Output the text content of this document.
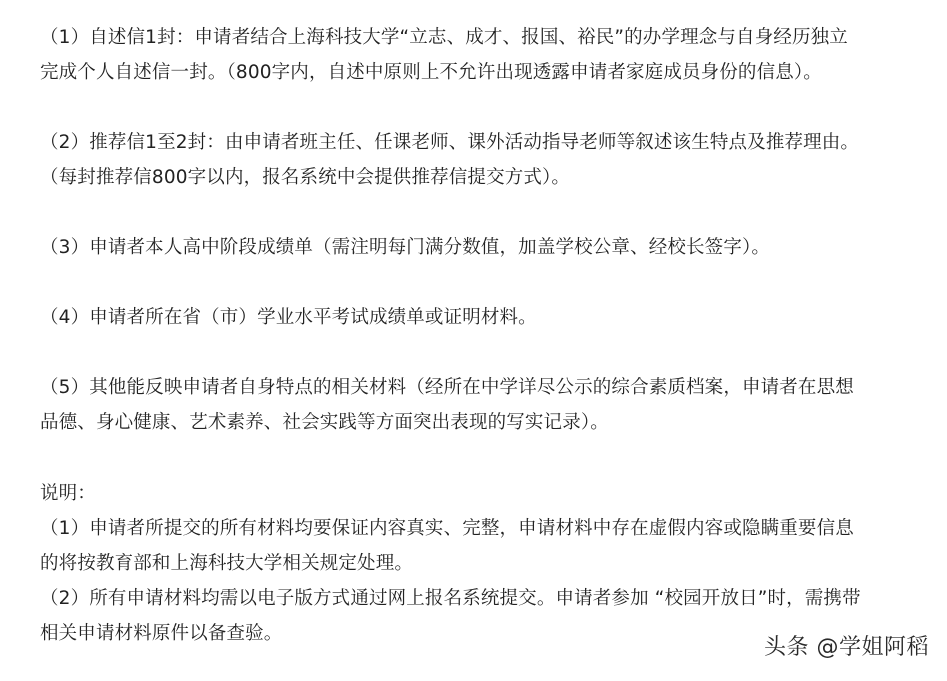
（1）自述信1封：申请者结合上海科技大学“立志、成才、报国、裕民”的办学理念与自身经历独立
完成个人自述信一封。（800字内，自述中原则上不允许出现透露申请者家庭成员身份的信息）。
（2）推荐信1至2封：由申请者班主任、任课老师、课外活动指导老师等叙述该生特点及推荐理由。
（每封推荐信800字以内，报名系统中会提供推荐信提交方式）。
（3）申请者本人高中阶段成绩单（需注明每门满分数值，加盖学校公章、经校长签字）。
（4）申请者所在省（市）学业水平考试成绩单或证明材料。
（5）其他能反映申请者自身特点的相关材料（经所在中学详尽公示的综合素质档案，申请者在思想
品德、身心健康、艺术素养、社会实践等方面突出表现的写实记录）。
说明：
（1）申请者所提交的所有材料均要保证内容真实、完整，申请材料中存在虚假内容或隐瞒重要信息
的将按教育部和上海科技大学相关规定处理。
（2）所有申请材料均需以电子版方式通过网上报名系统提交。申请者参加 “校园开放日”时，需携带
相关申请材料原件以备查验。
头条 @学姐阿稻
